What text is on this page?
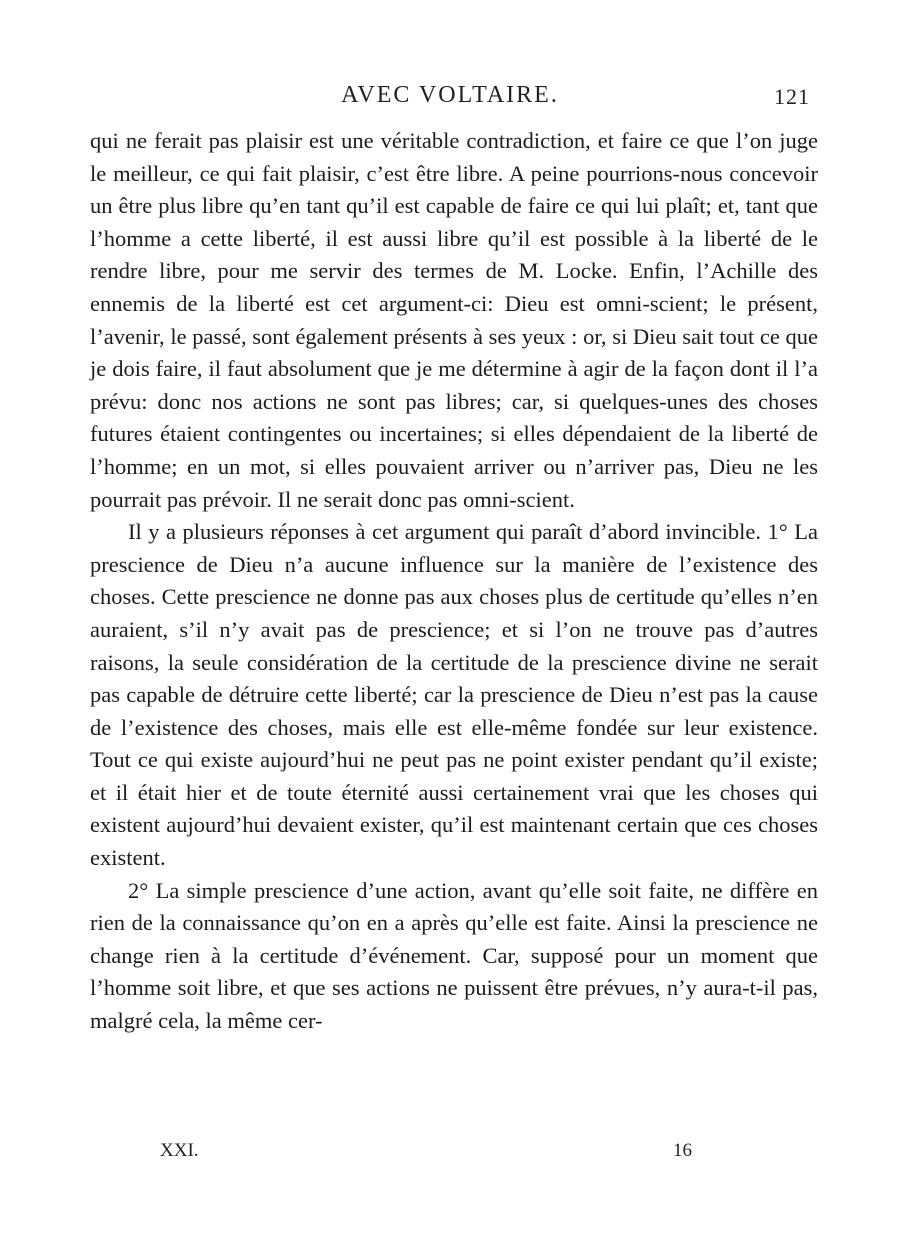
AVEC VOLTAIRE.	121

qui ne ferait pas plaisir est une véritable contradiction, et faire ce que l’on juge le meilleur, ce qui fait plaisir, c’est être libre. A peine pourrions-nous concevoir un être plus libre qu’en tant qu’il est capable de faire ce qui lui plaît; et, tant que l’homme a cette liberté, il est aussi libre qu’il est possible à la liberté de le rendre libre, pour me servir des termes de M. Locke. Enfin, l’Achille des ennemis de la liberté est cet argument-ci: Dieu est omni-scient; le présent, l’avenir, le passé, sont également présents à ses yeux : or, si Dieu sait tout ce que je dois faire, il faut absolument que je me détermine à agir de la façon dont il l’a prévu: donc nos actions ne sont pas libres; car, si quelques-unes des choses futures étaient contingentes ou incertaines; si elles dépendaient de la liberté de l’homme; en un mot, si elles pouvaient arriver ou n’arriver pas, Dieu ne les pourrait pas prévoir. Il ne serait donc pas omni-scient.

Il y a plusieurs réponses à cet argument qui paraît d’abord invincible. 1° La prescience de Dieu n’a aucune influence sur la manière de l’existence des choses. Cette prescience ne donne pas aux choses plus de certitude qu’elles n’en auraient, s’il n’y avait pas de prescience; et si l’on ne trouve pas d’autres raisons, la seule considération de la certitude de la prescience divine ne serait pas capable de détruire cette liberté; car la prescience de Dieu n’est pas la cause de l’existence des choses, mais elle est elle-même fondée sur leur existence. Tout ce qui existe aujourd’hui ne peut pas ne point exister pendant qu’il existe; et il était hier et de toute éternité aussi certainement vrai que les choses qui existent aujourd’hui devaient exister, qu’il est maintenant certain que ces choses existent.

2° La simple prescience d’une action, avant qu’elle soit faite, ne diffère en rien de la connaissance qu’on en a après qu’elle est faite. Ainsi la prescience ne change rien à la certitude d’événement. Car, supposé pour un moment que l’homme soit libre, et que ses actions ne puissent être prévues, n’y aura-t-il pas, malgré cela, la même cer-

XXI.	16
